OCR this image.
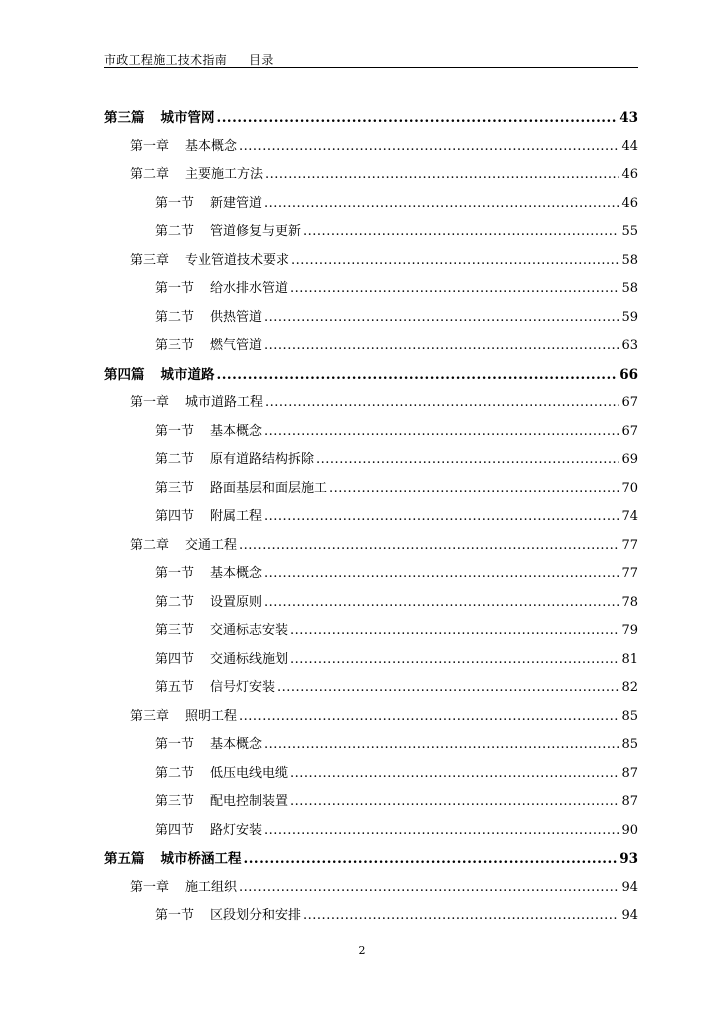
市政工程施工技术指南 目录
第三篇 城市管网 .....	43
第一章 基本概念 .....	44
第二章 主要施工方法 .....	46
第一节 新建管道 .....	46
第二节 管道修复与更新 .....	55
第三章 专业管道技术要求 .....	58
第一节 给水排水管道 .....	58
第二节 供热管道 .....	59
第三节 燃气管道 .....	63
第四篇 城市道路 .....	66
第一章 城市道路工程 .....	67
第一节 基本概念 .....	67
第二节 原有道路结构拆除 .....	69
第三节 路面基层和面层施工 .....	70
第四节 附属工程 .....	74
第二章 交通工程 .....	77
第一节 基本概念 .....	77
第二节 设置原则 .....	78
第三节 交通标志安装 .....	79
第四节 交通标线施划 .....	81
第五节 信号灯安装 .....	82
第三章 照明工程 .....	85
第一节 基本概念 .....	85
第二节 低压电线电缆 .....	87
第三节 配电控制装置 .....	87
第四节 路灯安装 .....	90
第五篇 城市桥涵工程 .....	93
第一章 施工组织 .....	94
第一节 区段划分和安排 .....	94
2
